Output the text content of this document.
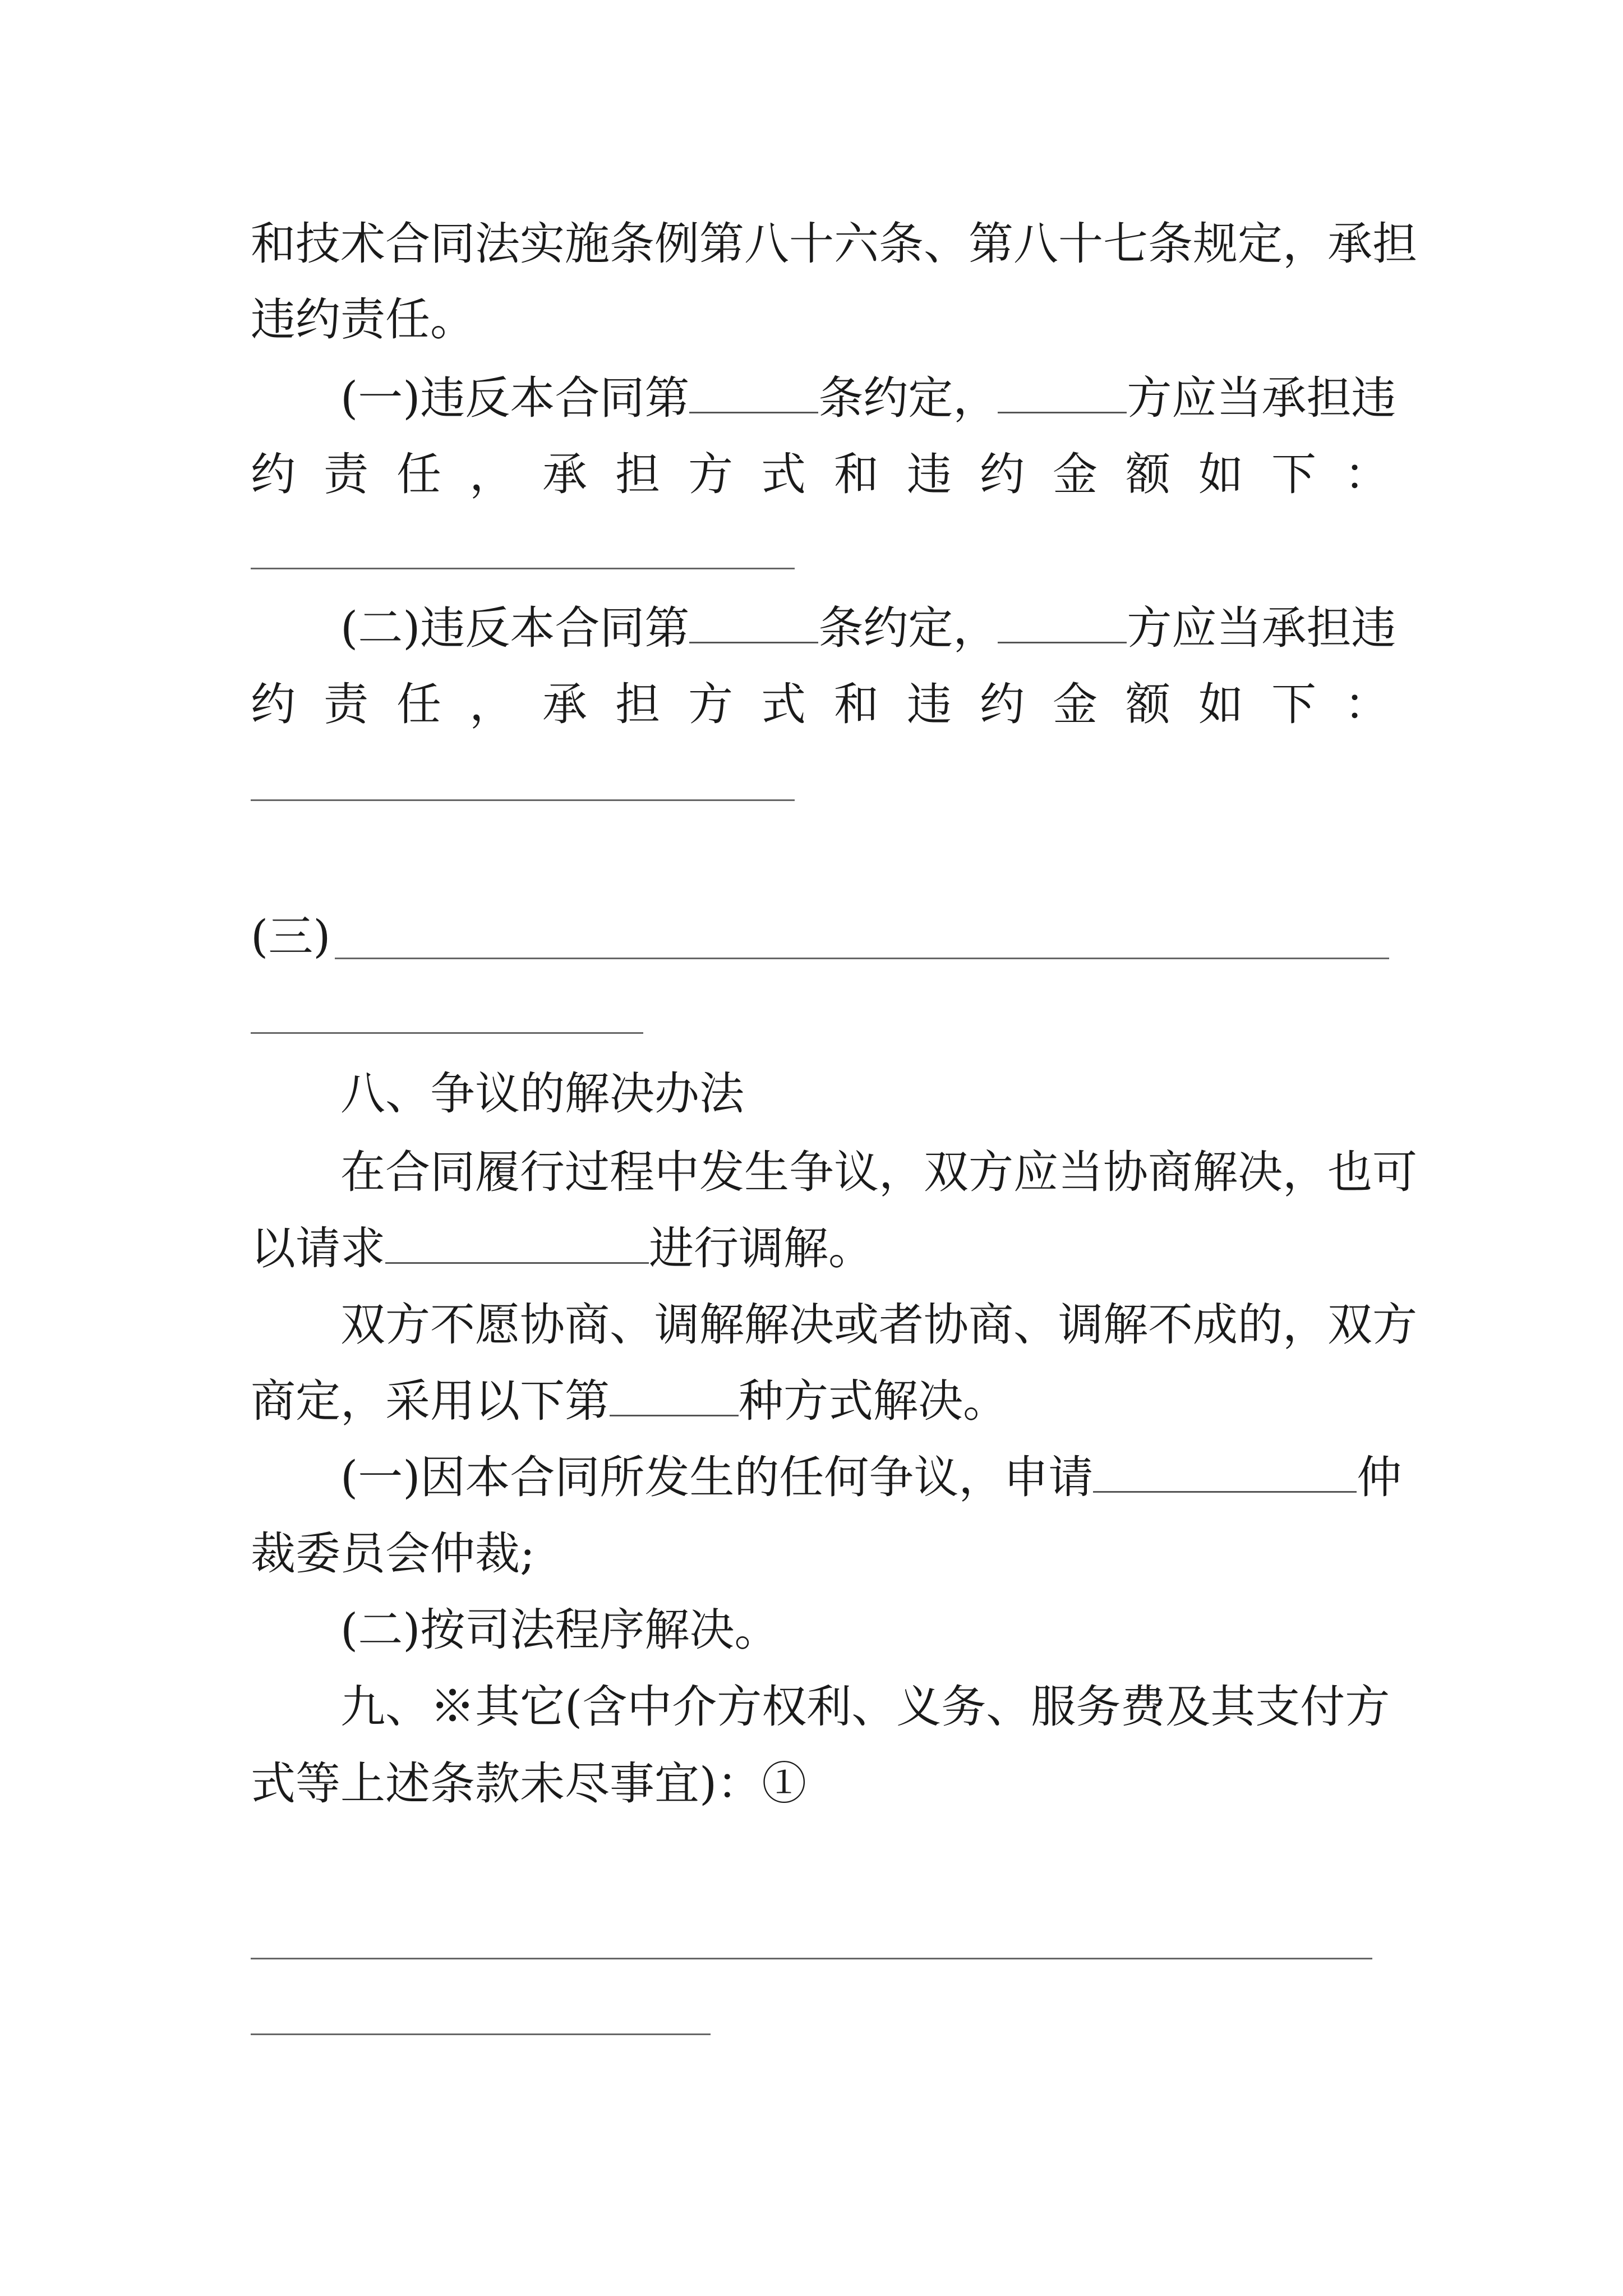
和技术合同法实施条例第八十六条、第八十七条规定，承担
违约责任。
(一)违反本合同第	条约定，	方应当承担违
约 责 任 ， 承 担 方 式 和 违 约 金 额 如 下 ：
(二)违反本合同第	条约定，	方应当承担违
约 责 任 ， 承 担 方 式 和 违 约 金 额 如 下 ：
(三)
八、争议的解决办法
在合同履行过程中发生争议，双方应当协商解决，也可
以请求	进行调解。
双方不愿协商、调解解决或者协商、调解不成的，双方
商定，采用以下第	种方式解决。
(一)因本合同所发生的任何争议，申请	仲
裁委员会仲裁;
(二)按司法程序解决。
九、※其它(含中介方权利、义务、服务费及其支付方
式等上述条款未尽事宜)：①
